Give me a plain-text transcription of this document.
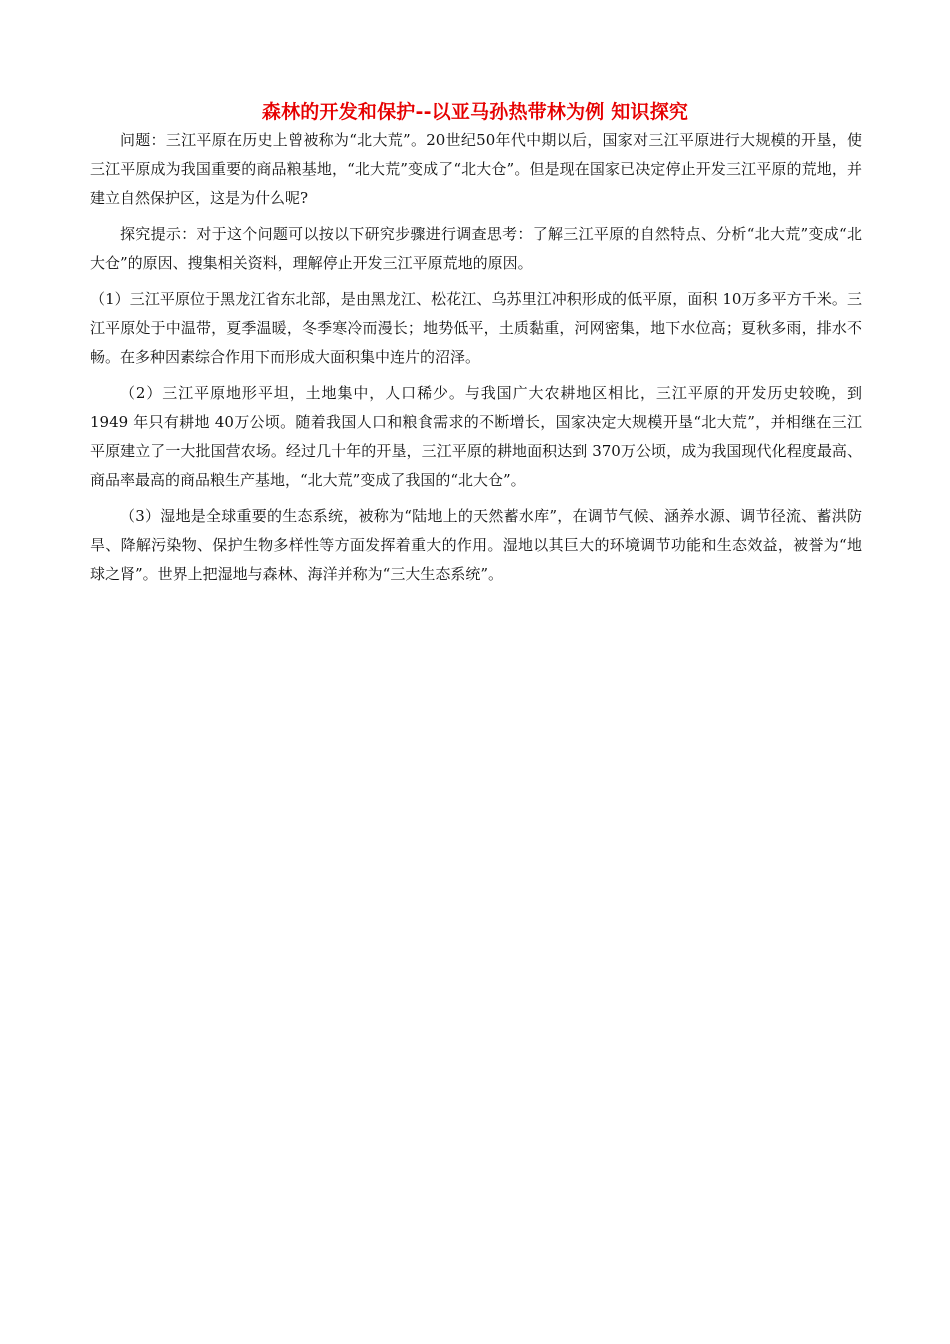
森林的开发和保护--以亚马孙热带林为例 知识探究

问题：三江平原在历史上曾被称为“北大荒”。20世纪50年代中期以后，国家对三江平原进行大规模的开垦，使三江平原成为我国重要的商品粮基地，“北大荒”变成了“北大仓”。但是现在国家已决定停止开发三江平原的荒地，并建立自然保护区，这是为什么呢?

探究提示：对于这个问题可以按以下研究步骤进行调查思考：了解三江平原的自然特点、分析“北大荒”变成“北大仓”的原因、搜集相关资料，理解停止开发三江平原荒地的原因。

（1）三江平原位于黑龙江省东北部，是由黑龙江、松花江、乌苏里江冲积形成的低平原，面积 10万多平方千米。三江平原处于中温带，夏季温暖，冬季寒冷而漫长；地势低平，土质黏重，河网密集，地下水位高；夏秋多雨，排水不畅。在多种因素综合作用下而形成大面积集中连片的沼泽。

（2）三江平原地形平坦，土地集中，人口稀少。与我国广大农耕地区相比，三江平原的开发历史较晚，到 1949 年只有耕地 40万公顷。随着我国人口和粮食需求的不断增长，国家决定大规模开垦“北大荒”，并相继在三江平原建立了一大批国营农场。经过几十年的开垦，三江平原的耕地面积达到 370万公顷，成为我国现代化程度最高、商品率最高的商品粮生产基地，“北大荒”变成了我国的“北大仓”。

（3）湿地是全球重要的生态系统，被称为“陆地上的天然蓄水库”，在调节气候、涵养水源、调节径流、蓄洪防旱、降解污染物、保护生物多样性等方面发挥着重大的作用。湿地以其巨大的环境调节功能和生态效益，被誉为“地球之肾”。世界上把湿地与森林、海洋并称为“三大生态系统”。
